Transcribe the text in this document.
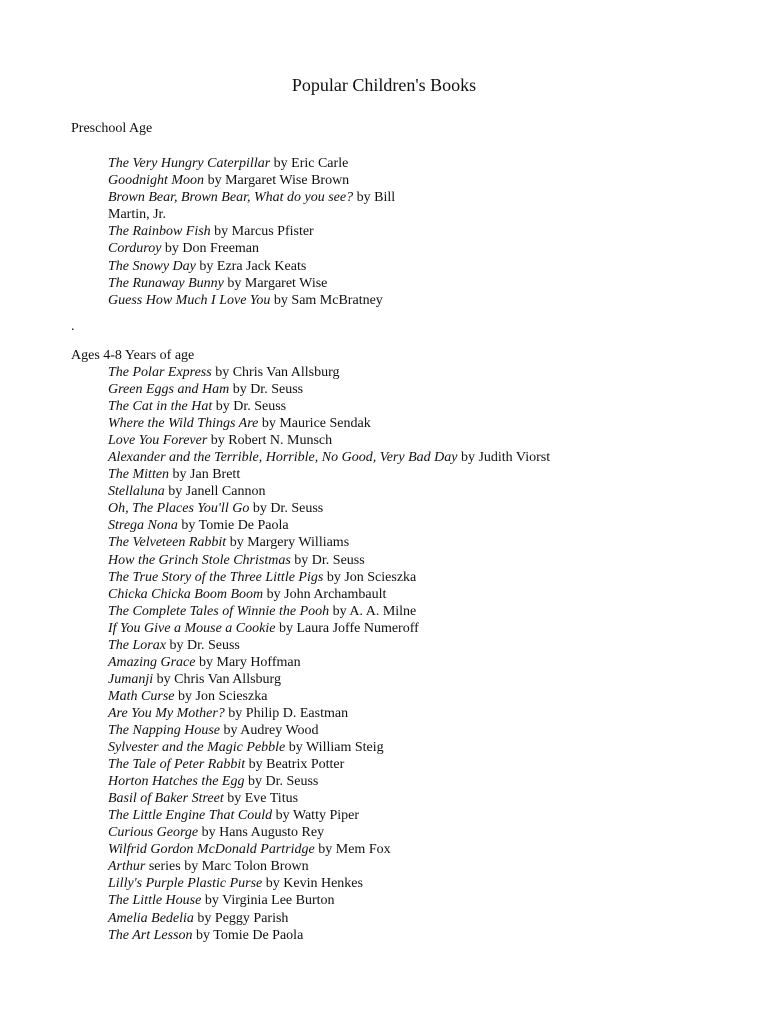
Popular Children's Books
Preschool Age
The Very Hungry Caterpillar by Eric Carle
Goodnight Moon by Margaret Wise Brown
Brown Bear, Brown Bear, What do you see? by Bill Martin, Jr.
The Rainbow Fish by Marcus Pfister
Corduroy by Don Freeman
The Snowy Day by Ezra Jack Keats
The Runaway Bunny by Margaret Wise
Guess How Much I Love You by Sam McBratney
.
Ages 4-8 Years of age
The Polar Express by Chris Van Allsburg
Green Eggs and Ham by Dr. Seuss
The Cat in the Hat by Dr. Seuss
Where the Wild Things Are by Maurice Sendak
Love You Forever by Robert N. Munsch
Alexander and the Terrible, Horrible, No Good, Very Bad Day by Judith Viorst
The Mitten by Jan Brett
Stellaluna by Janell Cannon
Oh, The Places You'll Go by Dr. Seuss
Strega Nona by Tomie De Paola
The Velveteen Rabbit by Margery Williams
How the Grinch Stole Christmas by Dr. Seuss
The True Story of the Three Little Pigs by Jon Scieszka
Chicka Chicka Boom Boom by John Archambault
The Complete Tales of Winnie the Pooh by A. A. Milne
If You Give a Mouse a Cookie by Laura Joffe Numeroff
The Lorax by Dr. Seuss
Amazing Grace by Mary Hoffman
Jumanji by Chris Van Allsburg
Math Curse by Jon Scieszka
Are You My Mother? by Philip D. Eastman
The Napping House by Audrey Wood
Sylvester and the Magic Pebble by William Steig
The Tale of Peter Rabbit by Beatrix Potter
Horton Hatches the Egg by Dr. Seuss
Basil of Baker Street by Eve Titus
The Little Engine That Could by Watty Piper
Curious George by Hans Augusto Rey
Wilfrid Gordon McDonald Partridge by Mem Fox
Arthur series by Marc Tolon Brown
Lilly's Purple Plastic Purse by Kevin Henkes
The Little House by Virginia Lee Burton
Amelia Bedelia by Peggy Parish
The Art Lesson by Tomie De Paola
